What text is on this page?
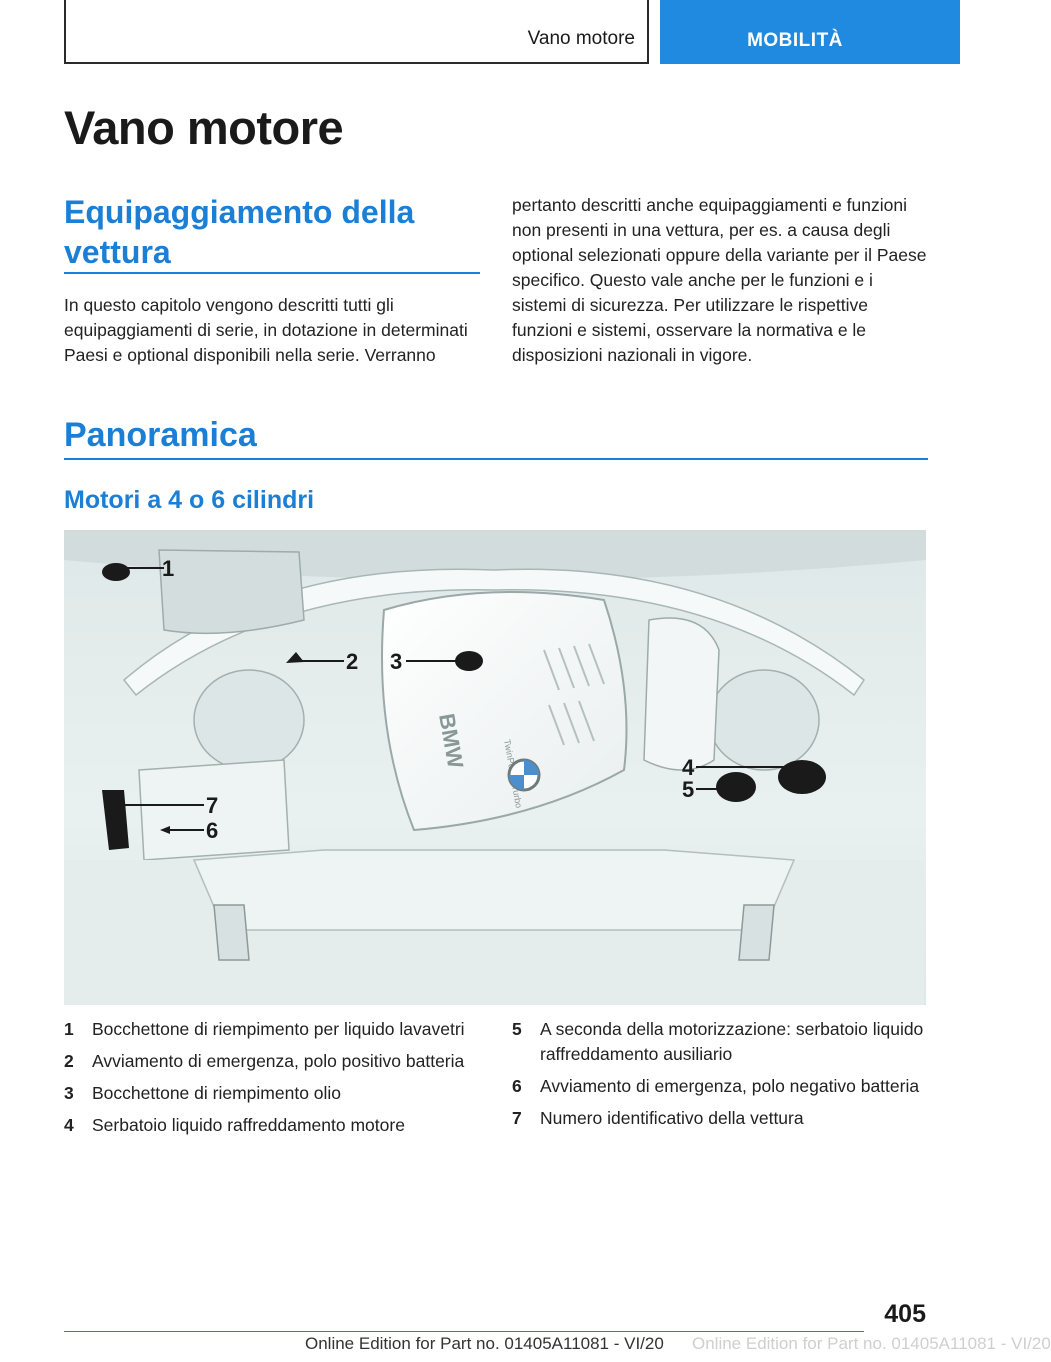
Vano motore	MOBILITÀ
Vano motore
Equipaggiamento della vettura

In questo capitolo vengono descritti tutti gli equipaggiamenti di serie, in dotazione in determinati Paesi e optional disponibili nella serie. Verranno

pertanto descritti anche equipaggiamenti e funzioni non presenti in una vettura, per es. a causa degli optional selezionati oppure della variante per il Paese specifico. Questo vale anche per le funzioni e i sistemi di sicurezza. Per utilizzare le rispettive funzioni e sistemi, osservare la normativa e le disposizioni nazionali in vigore.

Panoramica
Motori a 4 o 6 cilindri
BMW	TwinPower Turbo
1
2 3
4
5
6
7
1	Bocchettone di riempimento per liquido lavavetri
2	Avviamento di emergenza, polo positivo batteria
3	Bocchettone di riempimento olio
4	Serbatoio liquido raffreddamento motore
5	A seconda della motorizzazione: serbatoio liquido raffreddamento ausiliario
6	Avviamento di emergenza, polo negativo batteria
7	Numero identificativo della vettura
405
Online Edition for Part no. 01405A11081 - VI/20 Online Edition for Part no. 01405A11081 - VI/20
